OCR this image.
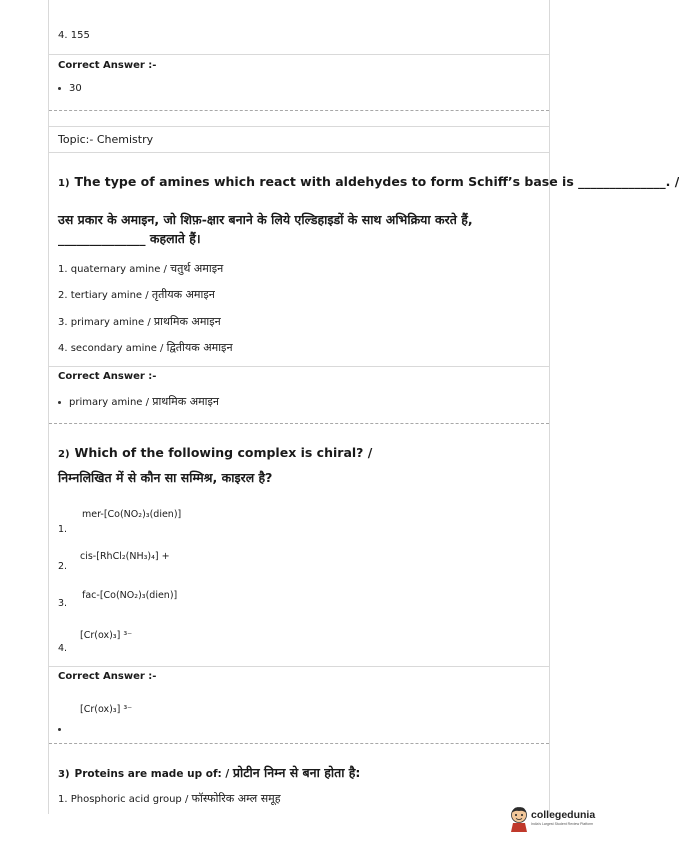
4. 155
Correct Answer :-
30
Topic:- Chemistry
1) The type of amines which react with aldehydes to form Schiff’s base is ______________. /
उस प्रकार के अमाइन, जो शिफ़-क्षार बनाने के लिये एल्डिहाइडों के साथ अभिक्रिया करते हैं,
______________ कहलाते हैं।
1. quaternary amine / चतुर्थ अमाइन
2. tertiary amine / तृतीयक अमाइन
3. primary amine / प्राथमिक अमाइन
4. secondary amine / द्वितीयक अमाइन
Correct Answer :-
primary amine / प्राथमिक अमाइन
2) Which of the following complex is chiral? /
निम्नलिखित में से कौन सा सम्मिश्र, काइरल है?
mer-[Co(NO₂)₃(dien)]
1.
cis-[RhCl₂(NH₃)₄] +
2.
fac-[Co(NO₂)₃(dien)]
3.
[Cr(ox)₃] ³⁻
4.
Correct Answer :-
[Cr(ox)₃] ³⁻
3) Proteins are made up of: / प्रोटीन निम्न से बना होता है:
1. Phosphoric acid group / फॉस्फोरिक अम्ल समूह
collegedunia
India's Largest Student Review Platform
